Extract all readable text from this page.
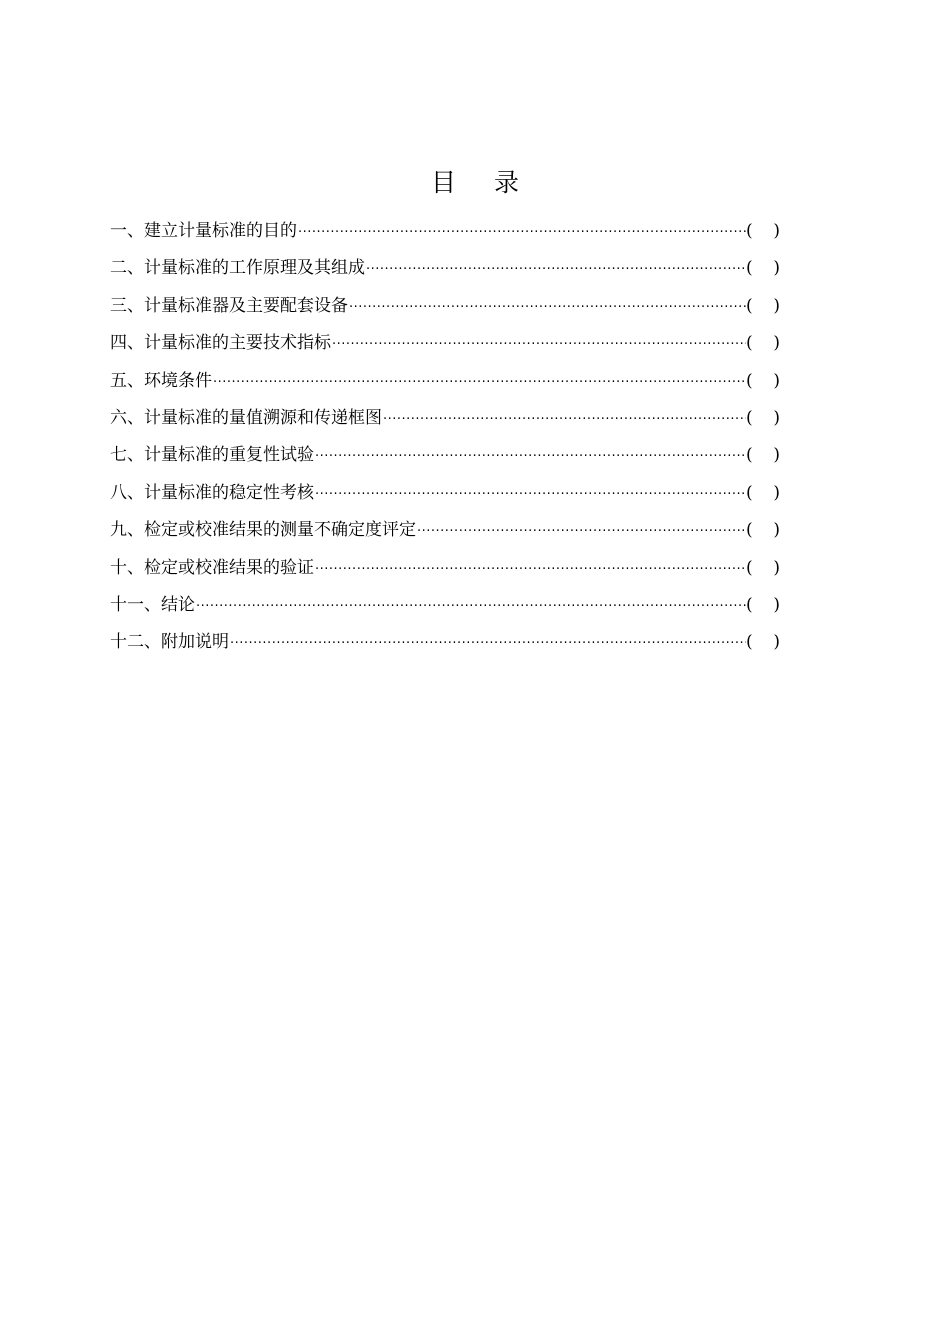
目 录
一 、 建立计量标准的目的 ·····	( )
二 、 计量标准的工作原理及其组成 ·····	( )
三 、 计量标准器及主要配套设备 ·····	( )
四 、 计量标准的主要技术指标 ·····	( )
五 、 环境条件 ·····	( )
六 、 计量标准的量值溯源和传递框图 ·····	( )
七 、 计量标准的重复性试验 ·····	( )
八 、 计量标准的稳定性考核 ·····	( )
九 、 检定或校准结果的测量不确定度评定 ·····	( )
十 、 检定或校准结果的验证 ·····	( )
十一 、 结论 ·····	( )
十二 、 附加说明 ·····	( )
